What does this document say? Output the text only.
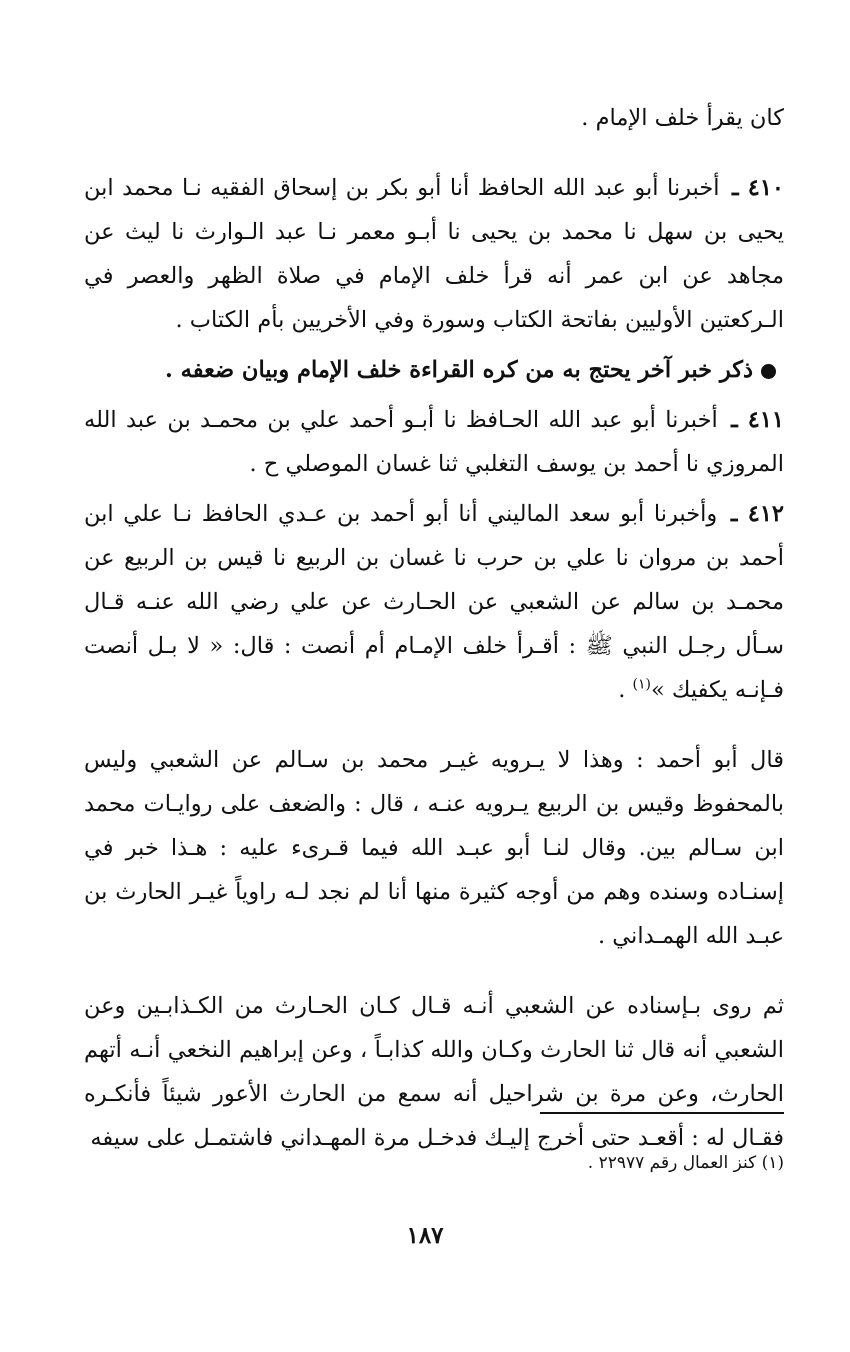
كان يقرأ خلف الإمام .

٤١٠ ـ أخبرنا أبو عبد الله الحافظ أنا أبو بكر بن إسحاق الفقيه نـا محمد ابن يحيى بن سهل نا محمد بن يحيى نا أبـو معمر نـا عبد الـوارث نا ليث عن مجاهد عن ابن عمر أنه قرأ خلف الإمام في صلاة الظهر والعصر في الـركعتين الأوليين بفاتحة الكتاب وسورة وفي الأخريين بأم الكتاب .

ذكر خبر آخر يحتج به من كره القراءة خلف الإمام وبيان ضعفه .

٤١١ ـ أخبرنا أبو عبد الله الحـافظ نا أبـو أحمد علي بن محمـد بن عبد الله المروزي نا أحمد بن يوسف التغلبي ثنا غسان الموصلي ح .

٤١٢ ـ وأخبرنا أبو سعد الماليني أنا أبو أحمد بن عـدي الحافظ نـا علي ابن أحمد بن مروان نا علي بن حرب نا غسان بن الربيع نا قيس بن الربيع عن محمـد بن سالم عن الشعبي عن الحـارث عن علي رضي الله عنـه قـال سـأل رجـل النبي ﷺ : أقـرأ خلف الإمـام أم أنصت : قال: « لا بـل أنصت فـإنـه يكفيك »$^{(١)}$ .

قال أبو أحمد : وهذا لا يـرويه غيـر محمد بن سـالم عن الشعبي وليس بالمحفوظ وقيس بن الربيع يـرويه عنـه ، قال : والضعف على روايـات محمد ابن سـالم بين. وقال لنـا أبو عبـد الله فيما قـرىء عليه : هـذا خبر في إسنـاده وسنده وهم من أوجه كثيرة منها أنا لم نجد لـه راوياً غيـر الحارث بن عبـد الله الهمـداني .

ثم روى بـإسناده عن الشعبي أنـه قـال كـان الحـارث من الكـذابـين وعن الشعبي أنه قال ثنا الحارث وكـان والله كذابـاً ، وعن إبراهيم النخعي أنـه أتهم الحارث، وعن مرة بن شراحيل أنه سمع من الحارث الأعور شيئاً فأنكـره فقـال له : أقعـد حتى أخرج إليـك فدخـل مرة المهـداني فاشتمـل على سيفه

(١) كنز العمال رقم ٢٢٩٧٧ .
١٨٧
